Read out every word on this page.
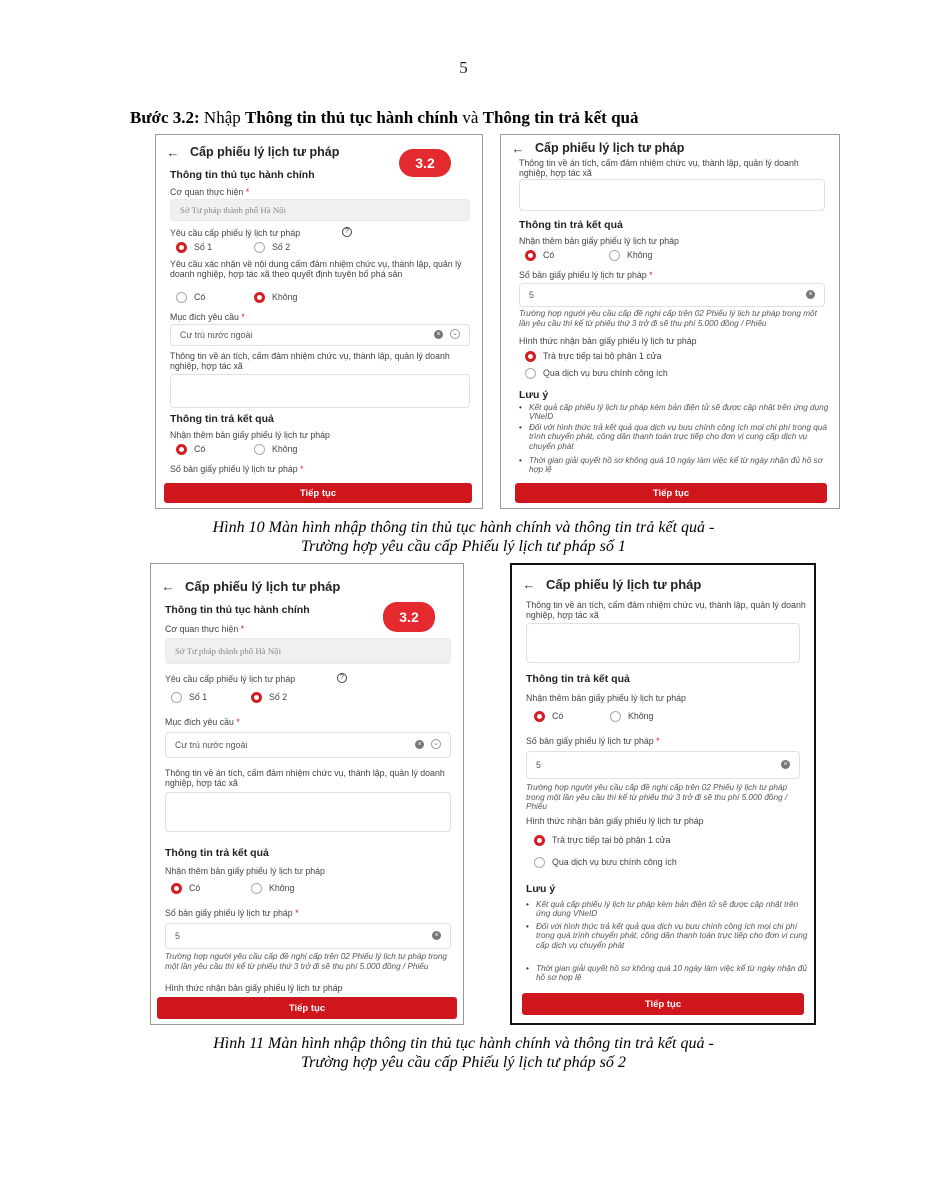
5
Bước 3.2: Nhập Thông tin thủ tục hành chính và Thông tin trả kết quả
← Cấp phiếu lý lịch tư pháp
3.2
Thông tin thủ tục hành chính
Cơ quan thực hiện *
Sở Tư pháp thành phố Hà Nội
Yêu cầu cấp phiếu lý lịch tư pháp	?
Số 1	Số 2
Yêu cầu xác nhận về nội dung cấm đảm nhiệm chức vụ, thành lập, quản lý doanh nghiệp, hợp tác xã theo quyết định tuyên bố phá sản
Có	Không
Mục đích yêu cầu *
Cư trú nước ngoài	×	⌄
Thông tin về án tích, cấm đảm nhiệm chức vụ, thành lập, quản lý doanh nghiệp, hợp tác xã
Thông tin trả kết quả
Nhận thêm bản giấy phiếu lý lịch tư pháp
Có	Không
Số bản giấy phiếu lý lịch tư pháp *
Tiếp tục
← Cấp phiếu lý lịch tư pháp
Thông tin về án tích, cấm đảm nhiệm chức vụ, thành lập, quản lý doanh nghiệp, hợp tác xã
Thông tin trả kết quả
Nhận thêm bản giấy phiếu lý lịch tư pháp
Có	Không
Số bản giấy phiếu lý lịch tư pháp *
5	×
Trường hợp người yêu cầu cấp đề nghị cấp trên 02 Phiếu lý lịch tư pháp trong một lần yêu cầu thì kể từ phiếu thứ 3 trở đi sẽ thu phí 5.000 đồng / Phiếu
Hình thức nhận bản giấy phiếu lý lịch tư pháp
Trả trực tiếp tại bộ phận 1 cửa
Qua dịch vụ bưu chính công ích
Lưu ý
• Kết quả cấp phiếu lý lịch tư pháp kèm bản điện tử sẽ được cập nhật trên ứng dụng VNeID
• Đối với hình thức trả kết quả qua dịch vụ bưu chính công ích mọi chi phí trong quá trình chuyển phát, công dân thanh toán trực tiếp cho đơn vị cung cấp dịch vụ chuyển phát
• Thời gian giải quyết hồ sơ không quá 10 ngày làm việc kể từ ngày nhận đủ hồ sơ hợp lệ
Tiếp tục
Hình 10 Màn hình nhập thông tin thủ tục hành chính và thông tin trả kết quả -
Trường hợp yêu cầu cấp Phiếu lý lịch tư pháp số 1
← Cấp phiếu lý lịch tư pháp
3.2
Thông tin thủ tục hành chính
Cơ quan thực hiện *
Sở Tư pháp thành phố Hà Nội
Yêu cầu cấp phiếu lý lịch tư pháp	?
Số 1	Số 2
Mục đích yêu cầu *
Cư trú nước ngoài	×	⌄
Thông tin về án tích, cấm đảm nhiệm chức vụ, thành lập, quản lý doanh nghiệp, hợp tác xã
Thông tin trả kết quả
Nhận thêm bản giấy phiếu lý lịch tư pháp
Có	Không
Số bản giấy phiếu lý lịch tư pháp *
5	×
Trường hợp người yêu cầu cấp đề nghị cấp trên 02 Phiếu lý lịch tư pháp trong một lần yêu cầu thì kể từ phiếu thứ 3 trở đi sẽ thu phí 5.000 đồng / Phiếu
Hình thức nhận bản giấy phiếu lý lịch tư pháp
Tiếp tục
← Cấp phiếu lý lịch tư pháp
Thông tin về án tích, cấm đảm nhiệm chức vụ, thành lập, quản lý doanh nghiệp, hợp tác xã
Thông tin trả kết quả
Nhận thêm bản giấy phiếu lý lịch tư pháp
Có	Không
Số bản giấy phiếu lý lịch tư pháp *
5	×
Trường hợp người yêu cầu cấp đề nghị cấp trên 02 Phiếu lý lịch tư pháp trong một lần yêu cầu thì kể từ phiếu thứ 3 trở đi sẽ thu phí 5.000 đồng / Phiếu
Hình thức nhận bản giấy phiếu lý lịch tư pháp
Trả trực tiếp tại bộ phận 1 cửa
Qua dịch vụ bưu chính công ích
Lưu ý
• Kết quả cấp phiếu lý lịch tư pháp kèm bản điện tử sẽ được cập nhật trên ứng dụng VNeID
• Đối với hình thức trả kết quả qua dịch vụ bưu chính công ích mọi chi phí trong quá trình chuyển phát, công dân thanh toán trực tiếp cho đơn vị cung cấp dịch vụ chuyển phát
• Thời gian giải quyết hồ sơ không quá 10 ngày làm việc kể từ ngày nhận đủ hồ sơ hợp lệ
Tiếp tục
Hình 11 Màn hình nhập thông tin thủ tục hành chính và thông tin trả kết quả -
Trường hợp yêu cầu cấp Phiếu lý lịch tư pháp số 2
